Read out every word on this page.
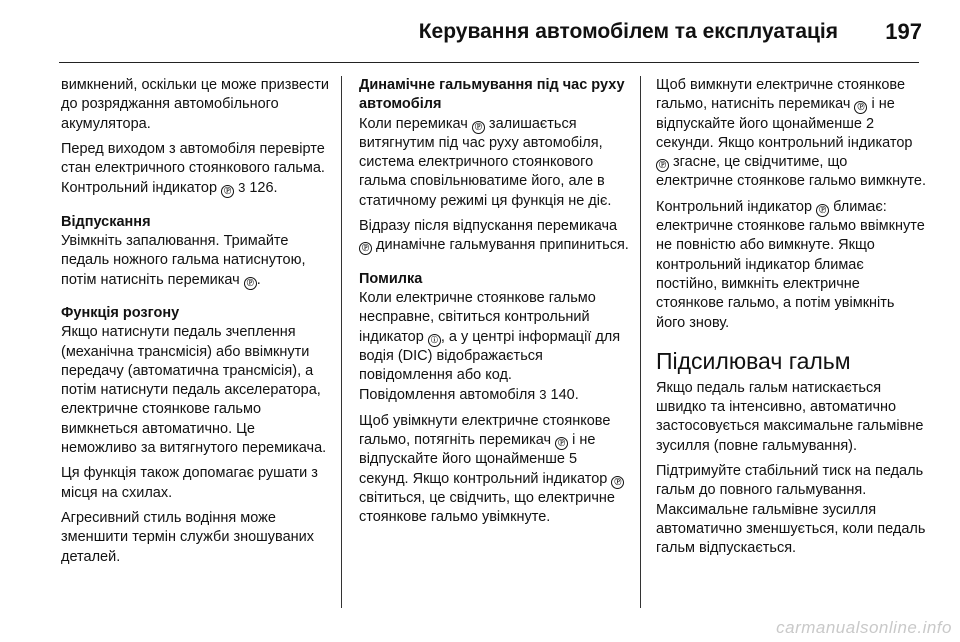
Керування автомобілем та експлуатація 197

вимкнений, оскільки це може призвести до розряджання автомобільного акумулятора.

Перед виходом з автомобіля перевірте стан електричного стоянкового гальма. Контрольний індикатор Ⓟ 3 126.

Відпускання

Увімкніть запалювання. Тримайте педаль ножного гальма натиснутою, потім натисніть перемикач Ⓟ .

Функція розгону

Якщо натиснути педаль зчеплення (механічна трансмісія) або ввімкнути передачу (автоматична трансмісія), а потім натиснути педаль акселератора, електричне стоянкове гальмо вимкнеться автоматично. Це неможливо за витягнутого перемикача.

Ця функція також допомагає рушати з місця на схилах.

Агресивний стиль водіння може зменшити термін служби зношуваних деталей.

Динамічне гальмування під час руху автомобіля

Коли перемикач Ⓟ залишається витягнутим під час руху автомобіля, система електричного стоянкового гальма сповільнюватиме його, але в статичному режимі ця функція не діє.

Відразу після відпускання перемикача Ⓟ динамічне гальмування припиниться.

Помилка

Коли електричне стоянкове гальмо несправне, світиться контрольний індикатор ⓘ , а у центрі інформації для водія (DIC) відображається повідомлення або код.

Повідомлення автомобіля 3 140.

Щоб увімкнути електричне стоянкове гальмо, потягніть перемикач Ⓟ і не відпускайте його щонайменше 5 секунд. Якщо контрольний індикатор Ⓟ світиться, це свідчить, що електричне стоянкове гальмо увімкнуте.

Щоб вимкнути електричне стоянкове гальмо, натисніть перемикач Ⓟ і не відпускайте його щонайменше 2 секунди. Якщо контрольний індикатор Ⓟ згасне, це свідчитиме, що електричне стоянкове гальмо вимкнуте.

Контрольний індикатор Ⓟ блимає: електричне стоянкове гальмо ввімкнуте не повністю або вимкнуте. Якщо контрольний індикатор блимає постійно, вимкніть електричне стоянкове гальмо, а потім увімкніть його знову.

Підсилювач гальм

Якщо педаль гальм натискається швидко та інтенсивно, автоматично застосовується максимальне гальмівне зусилля (повне гальмування).

Підтримуйте стабільний тиск на педаль гальм до повного гальмування. Максимальне гальмівне зусилля автоматично зменшується, коли педаль гальм відпускається.

carmanualsonline.info
